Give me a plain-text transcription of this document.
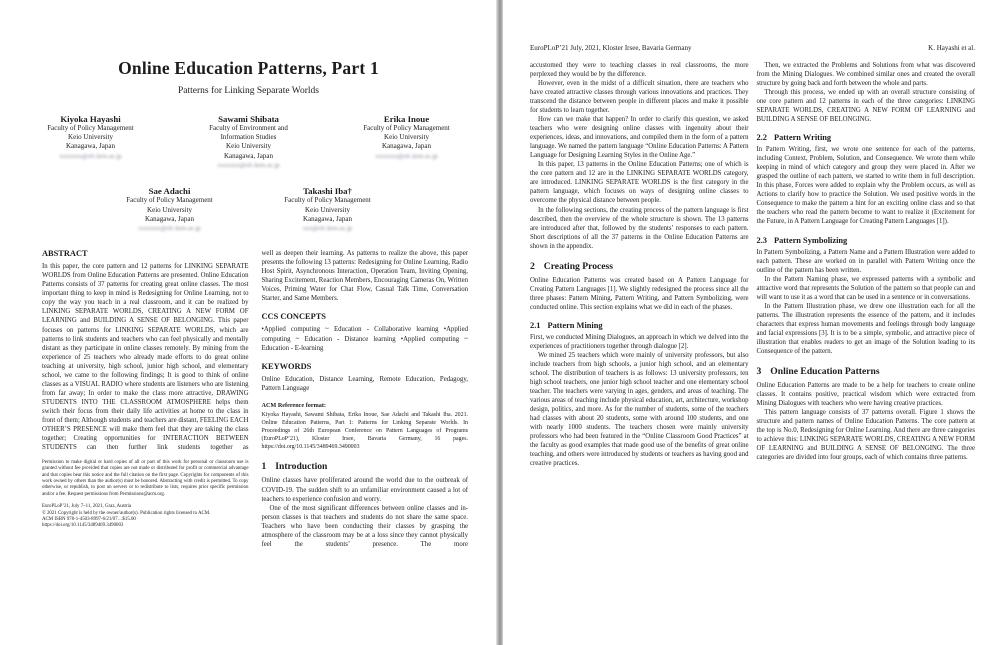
Online Education Patterns, Part 1
Patterns for Linking Separate Worlds
Kiyoka Hayashi
Faculty of Policy Management
Keio University
Kanagawa, Japan
xxxxxxx@sfc.keio.ac.jp
Sawami Shibata
Faculty of Environment and
Information Studies
Keio University
Kanagawa, Japan
xxxxxxx@sfc.keio.ac.jp
Erika Inoue
Faculty of Policy Management
Keio University
Kanagawa, Japan
xxxxxxx@sfc.keio.ac.jp
Sae Adachi
Faculty of Policy Management
Keio University
Kanagawa, Japan
xxxxxxx@sfc.keio.ac.jp
Takashi Iba†
Faculty of Policy Management
Keio University
Kanagawa, Japan
xxx@sfc.keio.ac.jp
ABSTRACT

In this paper, the core pattern and 12 patterns for LINKING SEPARATE WORLDS from Online Education Patterns are presented. Online Education Patterns consists of 37 patterns for creating great online classes. The most important thing to keep in mind is Redesigning for Online Learning, not to copy the way you teach in a real classroom, and it can be realized by LINKING SEPARATE WORLDS, CREATING A NEW FORM OF LEARNING and BUILDING A SENSE OF BELONGING. This paper focuses on patterns for LINKING SEPARATE WORLDS, which are patterns to link students and teachers who can feel physically and mentally distant as they participate in online classes remotely. By mining from the experience of 25 teachers who already made efforts to do great online teaching at university, high school, junior high school, and elementary school, we came to the following findings; It is good to think of online classes as a VISUAL RADIO where students are listeners who are listening from far away; In order to make the class more attractive, DRAWING STUDENTS INTO THE CLASSROOM ATMOSPHERE helps them switch their focus from their daily life activities at home to the class in front of them; Although students and teachers are distant, FEELING EACH OTHER’S PRESENCE will make them feel that they are taking the class together; Creating opportunities for INTERACTION BETWEEN STUDENTS can then further link students together as

Permission to make digital or hard copies of all or part of this work for personal or classroom use is granted without fee provided that copies are not made or distributed for profit or commercial advantage and that copies bear this notice and the full citation on the first page. Copyrights for components of this work owned by others than the author(s) must be honored. Abstracting with credit is permitted. To copy otherwise, or republish, to post on servers or to redistribute to lists, requires prior specific permission and/or a fee. Request permissions from Permissions@acm.org.

EuroPLoP’21, July 7–11, 2021, Graz, Austria

© 2021 Copyright is held by the owner/author(s). Publication rights licensed to ACM.

ACM ISBN 978-1-4503-8997-6/21/07…$15.00

https://doi.org/10.1145/3489469.3490003

well as deepen their learning. As patterns to realize the above, this paper presents the following 13 patterns: Redesigning for Online Learning, Radio Host Spirit, Asynchronous Interaction, Operation Team, Inviting Opening, Sharing Excitement, Reaction Members, Encouraging Cameras On, Written Voices, Priming Water for Chat Flow, Casual Talk Time, Conversation Starter, and Same Members.

CCS CONCEPTS

•Applied computing ~ Education - Collaborative learning •Applied computing ~ Education - Distance learning •Applied computing ~ Education - E-learning

KEYWORDS

Online Education, Distance Learning, Remote Education, Pedagogy, Pattern Language

ACM Reference format:

Kiyoka Hayashi, Sawami Shibata, Erika Inoue, Sae Adachi and Takashi Iba. 2021. Online Education Patterns, Part 1: Patterns for Linking Separate Worlds. In Proceedings of 26th European Conference on Pattern Languages of Programs (EuroPLoP’21), Kloster Irsee, Bavaria Germany, 16 pages. https://doi.org/10.1145/3489469.3490003

1 Introduction

Online classes have proliferated around the world due to the outbreak of COVID-19. The sudden shift to an unfamiliar environment caused a lot of teachers to experience confusion and worry.

One of the most significant differences between online classes and in-person classes is that teachers and students do not share the same space. Teachers who have been conducting their classes by grasping the atmosphere of the classroom may be at a loss since they cannot physically feel the students’ presence. The more

EuroPLoP’21 July, 2021, Kloster Irsee, Bavaria Germany	K. Hayashi et al.

accustomed they were to teaching classes in real classrooms, the more perplexed they would be by the difference.

However, even in the midst of a difficult situation, there are teachers who have created attractive classes through various innovations and practices. They transcend the distance between people in different places and make it possible for students to learn together.

How can we make that happen? In order to clarify this question, we asked teachers who were designing online classes with ingenuity about their experiences, ideas, and innovations, and compiled them in the form of a pattern language. We named the pattern language “Online Education Patterns: A Pattern Language for Designing Learning Styles in the Online Age.”

In this paper, 13 patterns in the Online Education Patterns; one of which is the core pattern and 12 are in the LINKING SEPARATE WORLDS category, are introduced. LINKING SEPARATE WORLDS is the first category in the pattern language, which focuses on ways of designing online classes to overcome the physical distance between people.

In the following sections, the creating process of the pattern language is first described, then the overview of the whole structure is shown. The 13 patterns are introduced after that, followed by the students’ responses to each pattern. Short descriptions of all the 37 patterns in the Online Education Patterns are shown in the appendix.

2 Creating Process

Online Education Patterns was created based on A Pattern Language for Creating Pattern Languages [1]. We slightly redesigned the process since all the three phases: Pattern Mining, Pattern Writing, and Pattern Symbolizing, were conducted online. This section explains what we did in each of the phases.

2.1 Pattern Mining

First, we conducted Mining Dialogues, an approach in which we delved into the experiences of practitioners together through dialogue [2].

We mined 25 teachers which were mainly of university professors, but also include teachers from high schools, a junior high school, and an elementary school. The distribution of teachers is as follows: 13 university professors, ten high school teachers, one junior high school teacher and one elementary school teacher. The teachers were varying in ages, genders, and areas of teaching. The various areas of teaching include physical education, art, architecture, workshop design, politics, and more. As for the number of students, some of the teachers had classes with about 20 students, some with around 100 students, and one with nearly 1000 students. The teachers chosen were mainly university professors who had been featured in the “Online Classroom Good Practices” at the faculty as good examples that made good use of the benefits of great online teaching, and others were introduced by students or teachers as having good and creative practices.

Then, we extracted the Problems and Solutions from what was discovered from the Mining Dialogues. We combined similar ones and created the overall structure by going back and forth between the whole and parts.

Through this process, we ended up with an overall structure consisting of one core pattern and 12 patterns in each of the three categories: LINKING SEPARATE WORLDS, CREATING A NEW FORM OF LEARNING and BUILDING A SENSE OF BELONGING.

2.2 Pattern Writing

In Pattern Writing, first, we wrote one sentence for each of the patterns, including Context, Problem, Solution, and Consequence. We wrote them while keeping in mind of which category and group they were placed in. After we grasped the outline of each pattern, we started to write them in full description. In this phase, Forces were added to explain why the Problem occurs, as well as Actions to clarify how to practice the Solution. We used positive words in the Consequence to make the pattern a hint for an exciting online class and so that the teachers who read the pattern become to want to realize it (Excitement for the Future, in A Pattern Language for Creating Pattern Languages [1]).

2.3 Pattern Symbolizing

In Pattern Symbolizing, a Pattern Name and a Pattern Illustration were added to each pattern. These are worked on in parallel with Pattern Writing once the outline of the pattern has been written.

In the Pattern Naming phase, we expressed patterns with a symbolic and attractive word that represents the Solution of the pattern so that people can and will want to use it as a word that can be used in a sentence or in conversations.

In the Pattern Illustration phase, we drew one illustration each for all the patterns. The illustration represents the essence of the pattern, and it includes characters that express human movements and feelings through body language and facial expressions [3]. It is to be a simple, symbolic, and attractive piece of illustration that enables readers to get an image of the Solution leading to its Consequence of the pattern.

3 Online Education Patterns

Online Education Patterns are made to be a help for teachers to create online classes. It contains positive, practical wisdom which were extracted from Mining Dialogues with teachers who were having creative practices.

This pattern language consists of 37 patterns overall. Figure 1 shows the structure and pattern names of Online Education Patterns. The core pattern at the top is No.0, Redesigning for Online Learning. And there are three categories to achieve this: LINKING SEPARATE WORLDS, CREATING A NEW FORM OF LEARNING and BUILDING A SENSE OF BELONGING. The three categories are divided into four groups, each of which contains three patterns.
